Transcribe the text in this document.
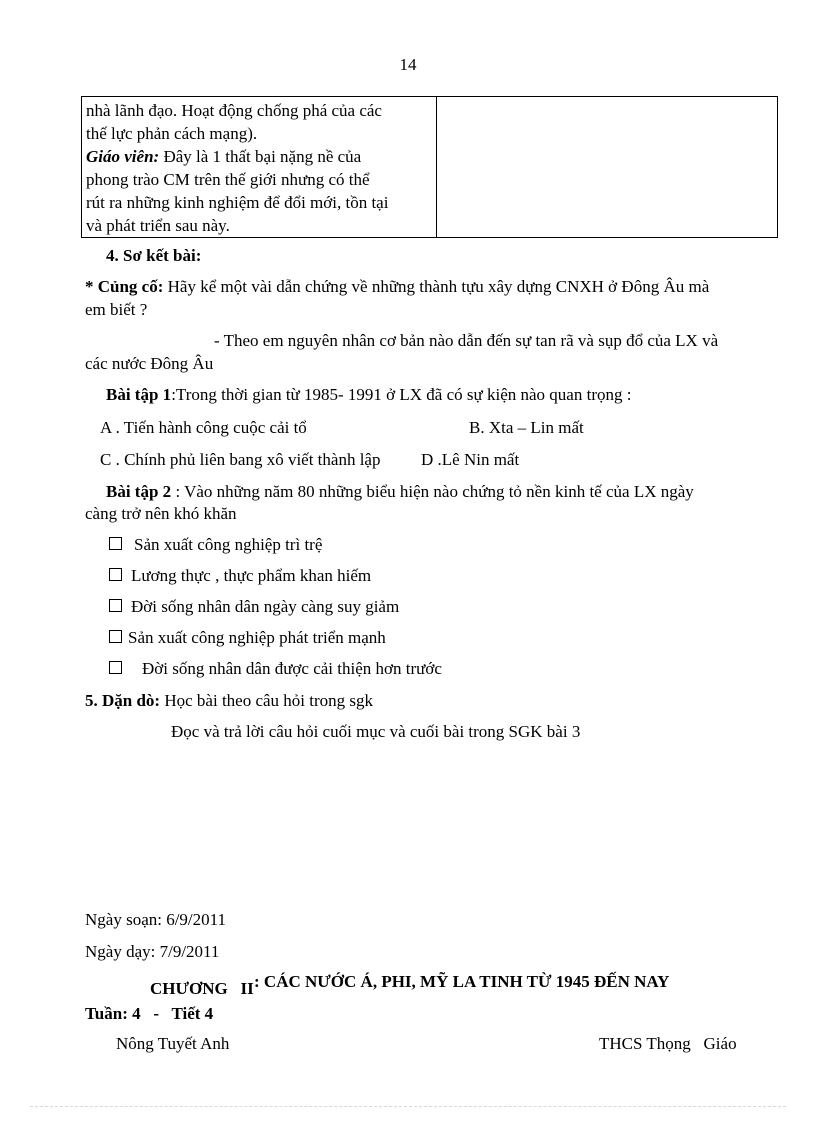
14
nhà lãnh đạo. Hoạt động chống phá của các
thế lực phản cách mạng).
Giáo viên: Đây là 1 thất bại nặng nề của
phong trào CM trên thế giới nhưng có thể
rút ra những kinh nghiệm để đổi mới, tồn tại
và phát triển sau này.

4. Sơ kết bài:
* Củng cố: Hãy kể một vài dẫn chứng về những thành tựu xây dựng CNXH ở Đông Âu mà
em biết ?
- Theo em nguyên nhân cơ bản nào dẫn đến sự tan rã và sụp đổ của LX và
các nước Đông Âu
Bài tập 1:Trong thời gian từ 1985- 1991 ở LX đã có sự kiện nào quan trọng :
A . Tiến hành công cuộc cải tổ	B. Xta – Lin mất
C . Chính phủ liên bang xô viết thành lập D .Lê Nin mất
Bài tập 2 : Vào những năm 80 những biểu hiện nào chứng tỏ nền kinh tế của LX ngày
càng trở nên khó khăn
Sản xuất công nghiệp trì trệ
Lương thực , thực phẩm khan hiếm
Đời sống nhân dân ngày càng suy giảm
Sản xuất công nghiệp phát triển mạnh
Đời sống nhân dân được cải thiện hơn trước
5. Dặn dò: Học bài theo câu hỏi trong sgk
Đọc và trả lời câu hỏi cuối mục và cuối bài trong SGK bài 3
Ngày soạn: 6/9/2011
Ngày dạy: 7/9/2011
CHƯƠNG   II : CÁC NƯỚC Á, PHI, MỸ LA TINH TỪ 1945 ĐẾN NAY
Tuần: 4   -   Tiết 4
Nông Tuyết Anh	THCS Thọng   Giáo
